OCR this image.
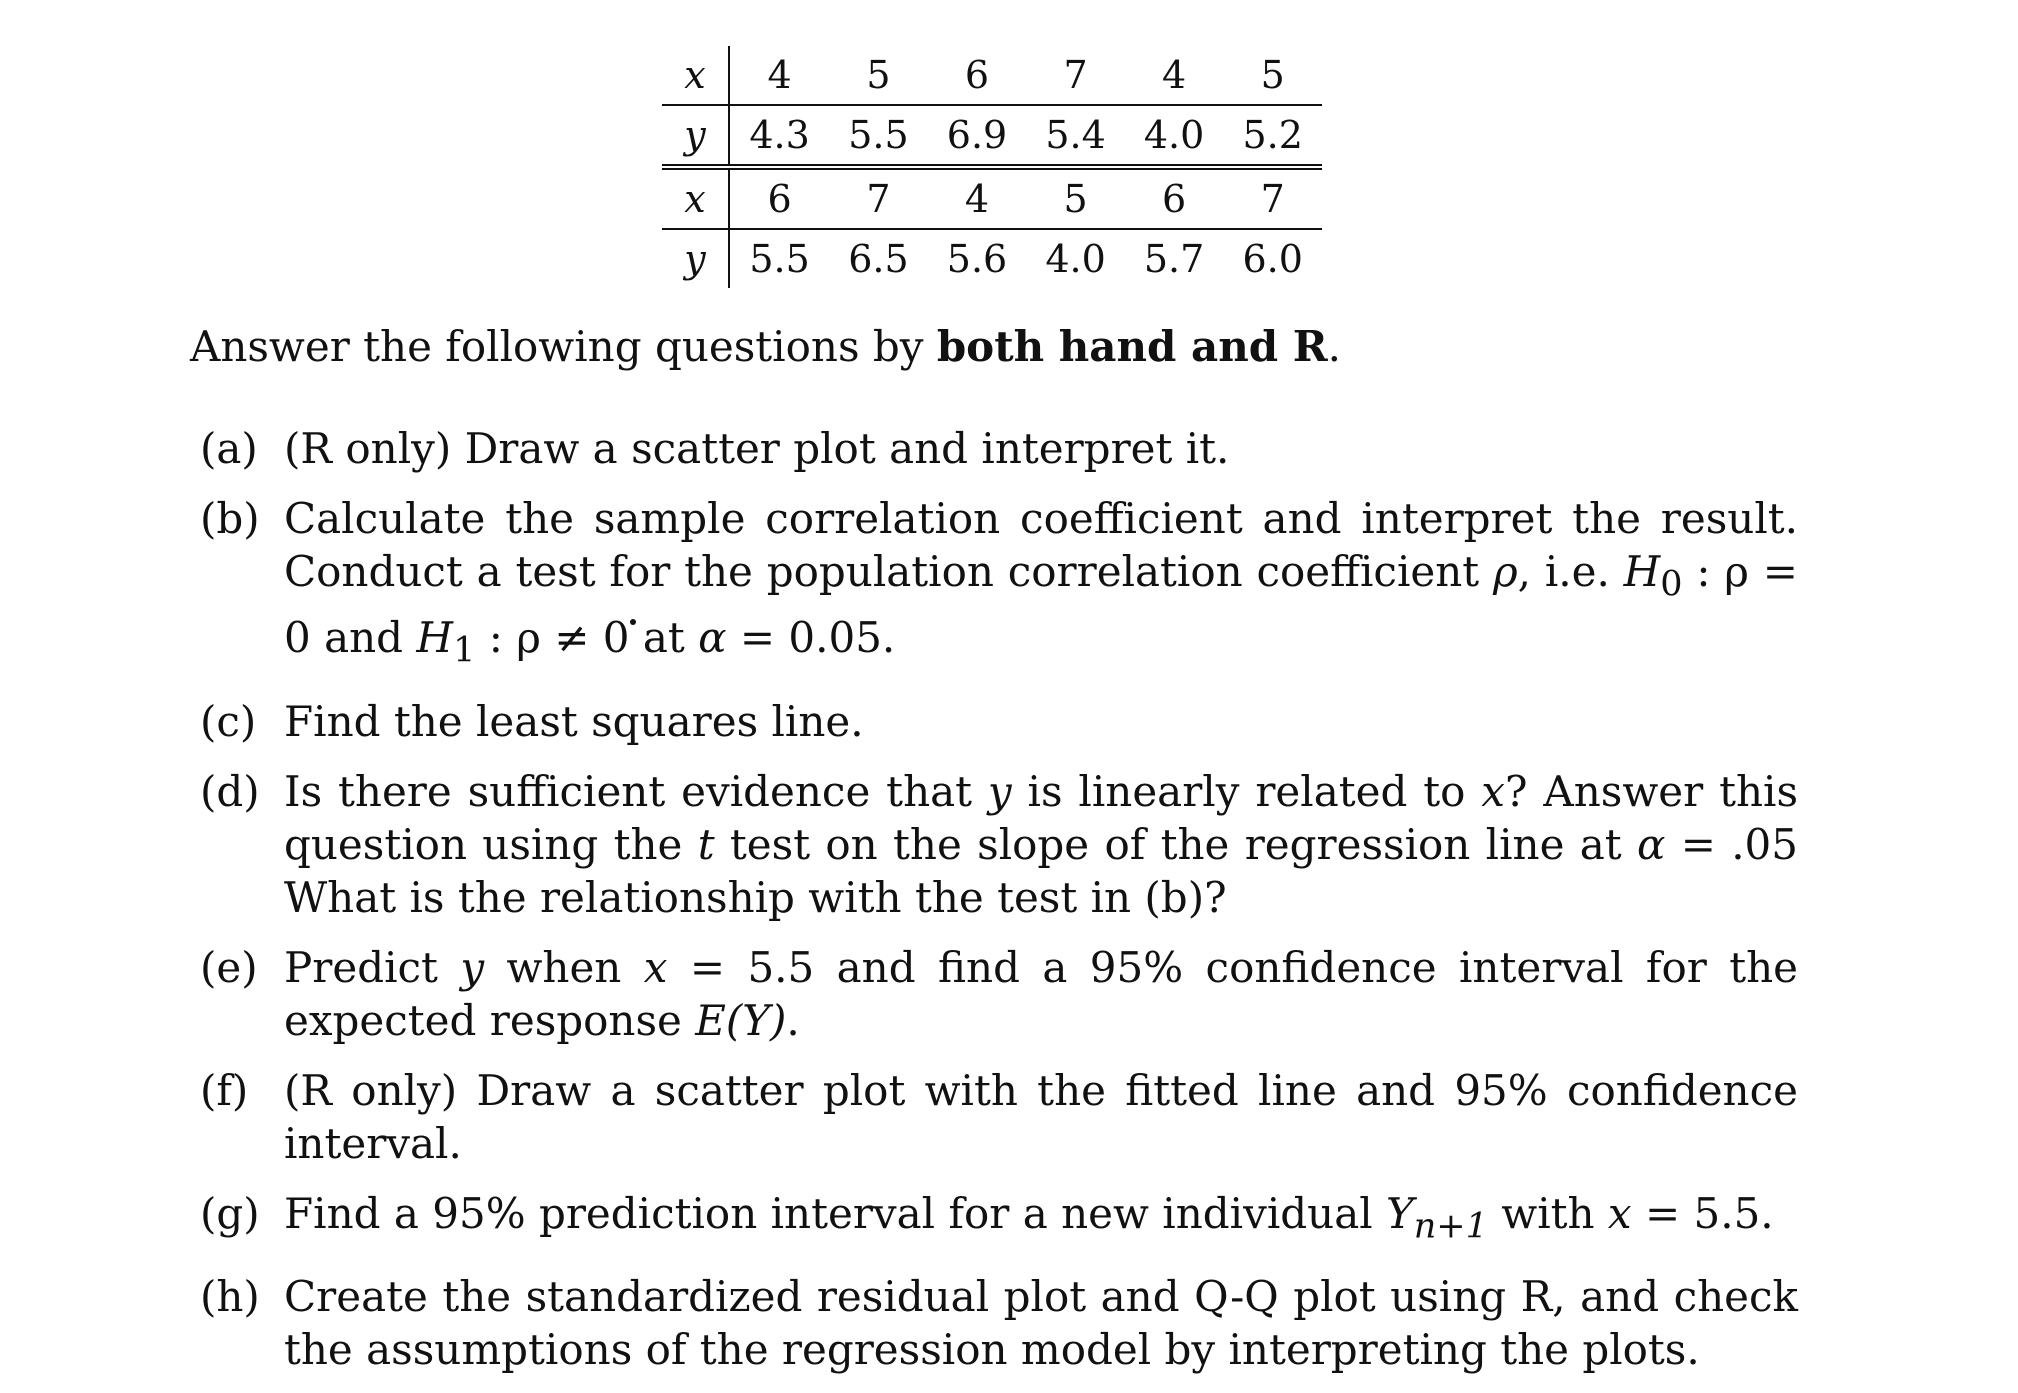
x	4	5	6	7	4	5
y	4.3	5.5	6.9	5.4	4.0	5.2
x	6	7	4	5	6	7
y	5.5	6.5	5.6	4.0	5.7	6.0
Answer the following questions by both hand and R.
(a) (R only) Draw a scatter plot and interpret it.
(b) Calculate the sample correlation coefficient and interpret the result. Conduct a test for the population correlation coefficient ρ, i.e. $H_0$ : ρ = 0 and $H_1$ : ρ ≠ 0 at α = 0.05.
(c) Find the least squares line.
(d) Is there sufficient evidence that y is linearly related to x? Answer this question using the t test on the slope of the regression line at α = .05 What is the relationship with the test in (b)?
(e) Predict y when x = 5.5 and find a 95% confidence interval for the expected response E(Y).
(f) (R only) Draw a scatter plot with the fitted line and 95% confidence interval.
(g) Find a 95% prediction interval for a new individual $Y_{n+1}$ with x = 5.5.
(h) Create the standardized residual plot and Q-Q plot using R, and check the assumptions of the regression model by interpreting the plots.
